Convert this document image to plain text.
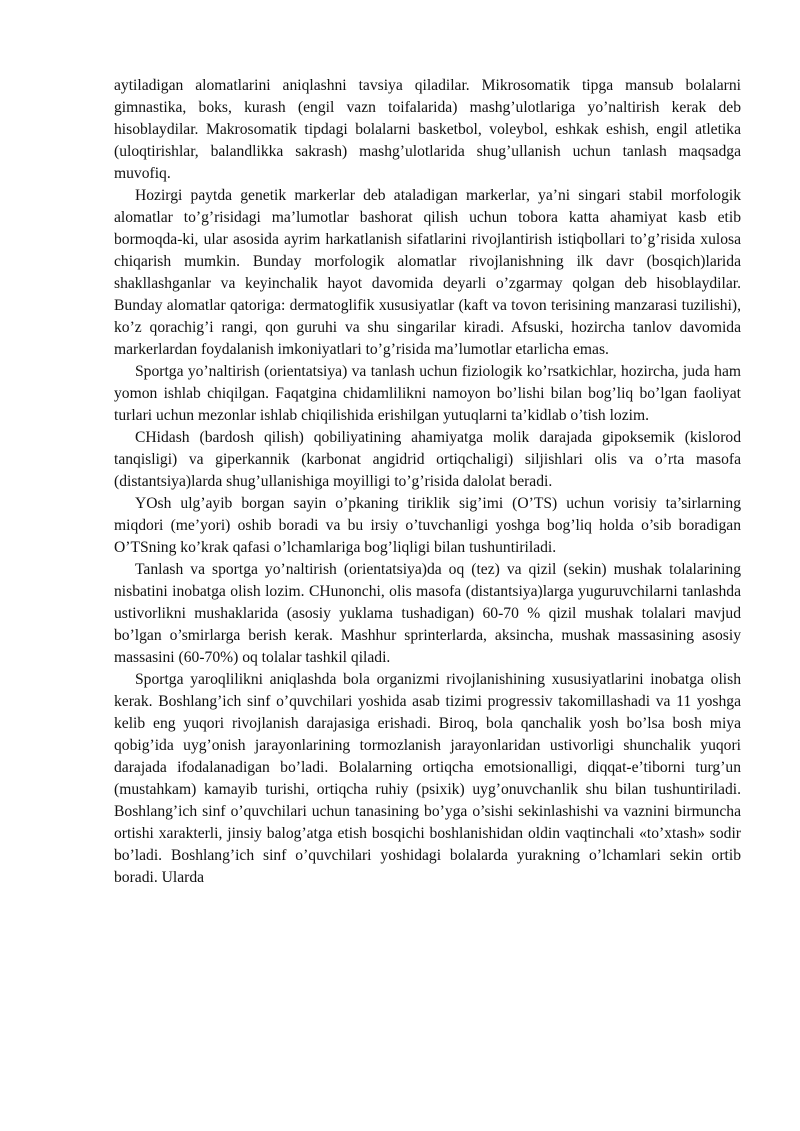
aytiladigan alomatlarini aniqlashni tavsiya qiladilar. Mikrosomatik tipga mansub bolalarni gimnastika, boks, kurash (engil vazn toifalarida) mashg’ulotlariga yo’naltirish kerak deb hisoblaydilar. Makrosomatik tipdagi bolalarni basketbol, voleybol, eshkak eshish, engil atletika (uloqtirishlar, balandlikka sakrash) mashg’ulotlarida shug’ullanish uchun tanlash maqsadga muvofiq.

Hozirgi paytda genetik markerlar deb ataladigan markerlar, ya’ni singari stabil morfologik alomatlar to’g’risidagi ma’lumotlar bashorat qilish uchun tobora katta ahamiyat kasb etib bormoqda-ki, ular asosida ayrim harkatlanish sifatlarini rivojlantirish istiqbollari to’g’risida xulosa chiqarish mumkin. Bunday morfologik alomatlar rivojlanishning ilk davr (bosqich)larida shakllashganlar va keyinchalik hayot davomida deyarli o’zgarmay qolgan deb hisoblaydilar. Bunday alomatlar qatoriga: dermatoglifik xususiyatlar (kaft va tovon terisining manzarasi tuzilishi), ko’z qorachig’i rangi, qon guruhi va shu singarilar kiradi. Afsuski, hozircha tanlov davomida markerlardan foydalanish imkoniyatlari to’g’risida ma’lumotlar etarlicha emas.

Sportga yo’naltirish (orientatsiya) va tanlash uchun fiziologik ko’rsatkichlar, hozircha, juda ham yomon ishlab chiqilgan. Faqatgina chidamlilikni namoyon bo’lishi bilan bog’liq bo’lgan faoliyat turlari uchun mezonlar ishlab chiqilishida erishilgan yutuqlarni ta’kidlab o’tish lozim.

CHidash (bardosh qilish) qobiliyatining ahamiyatga molik darajada gipoksemik (kislorod tanqisligi) va giperkannik (karbonat angidrid ortiqchaligi) siljishlari olis va o’rta masofa (distantsiya)larda shug’ullanishiga moyilligi to’g’risida dalolat beradi.

YOsh ulg’ayib borgan sayin o’pkaning tiriklik sig’imi (O’TS) uchun vorisiy ta’sirlarning miqdori (me’yori) oshib boradi va bu irsiy o’tuvchanligi yoshga bog’liq holda o’sib boradigan O’TSning ko’krak qafasi o’lchamlariga bog’liqligi bilan tushuntiriladi.

Tanlash va sportga yo’naltirish (orientatsiya)da oq (tez) va qizil (sekin) mushak tolalarining nisbatini inobatga olish lozim. CHunonchi, olis masofa (distantsiya)larga yuguruvchilarni tanlashda ustivorlikni mushaklarida (asosiy yuklama tushadigan) 60-70 % qizil mushak tolalari mavjud bo’lgan o’smirlarga berish kerak. Mashhur sprinterlarda, aksincha, mushak massasining asosiy massasini (60-70%) oq tolalar tashkil qiladi.

Sportga yaroqlilikni aniqlashda bola organizmi rivojlanishining xususiyatlarini inobatga olish kerak. Boshlang’ich sinf o’quvchilari yoshida asab tizimi progressiv takomillashadi va 11 yoshga kelib eng yuqori rivojlanish darajasiga erishadi. Biroq, bola qanchalik yosh bo’lsa bosh miya qobig’ida uyg’onish jarayonlarining tormozlanish jarayonlaridan ustivorligi shunchalik yuqori darajada ifodalanadigan bo’ladi. Bolalarning ortiqcha emotsionalligi, diqqat-e’tiborni turg’un (mustahkam) kamayib turishi, ortiqcha ruhiy (psixik) uyg’onuvchanlik shu bilan tushuntiriladi. Boshlang’ich sinf o’quvchilari uchun tanasining bo’yga o’sishi sekinlashishi va vaznini birmuncha ortishi xarakterli, jinsiy balog’atga etish bosqichi boshlanishidan oldin vaqtinchali «to’xtash» sodir bo’ladi. Boshlang’ich sinf o’quvchilari yoshidagi bolalarda yurakning o’lchamlari sekin ortib boradi. Ularda
